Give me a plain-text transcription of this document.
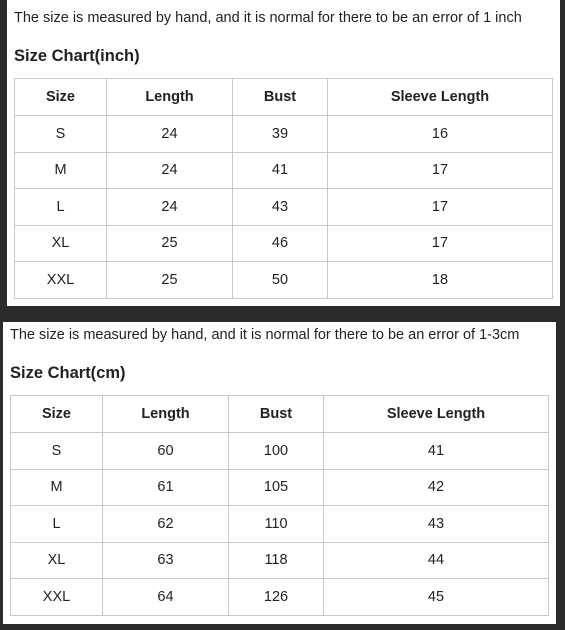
The size is measured by hand, and it is normal for there to be an error of 1 inch
Size Chart(inch)
Size	Length	Bust	Sleeve Length
S	24	39	16
M	24	41	17
L	24	43	17
XL	25	46	17
XXL	25	50	18
The size is measured by hand, and it is normal for there to be an error of 1-3cm
Size Chart(cm)
Size	Length	Bust	Sleeve Length
S	60	100	41
M	61	105	42
L	62	110	43
XL	63	118	44
XXL	64	126	45
